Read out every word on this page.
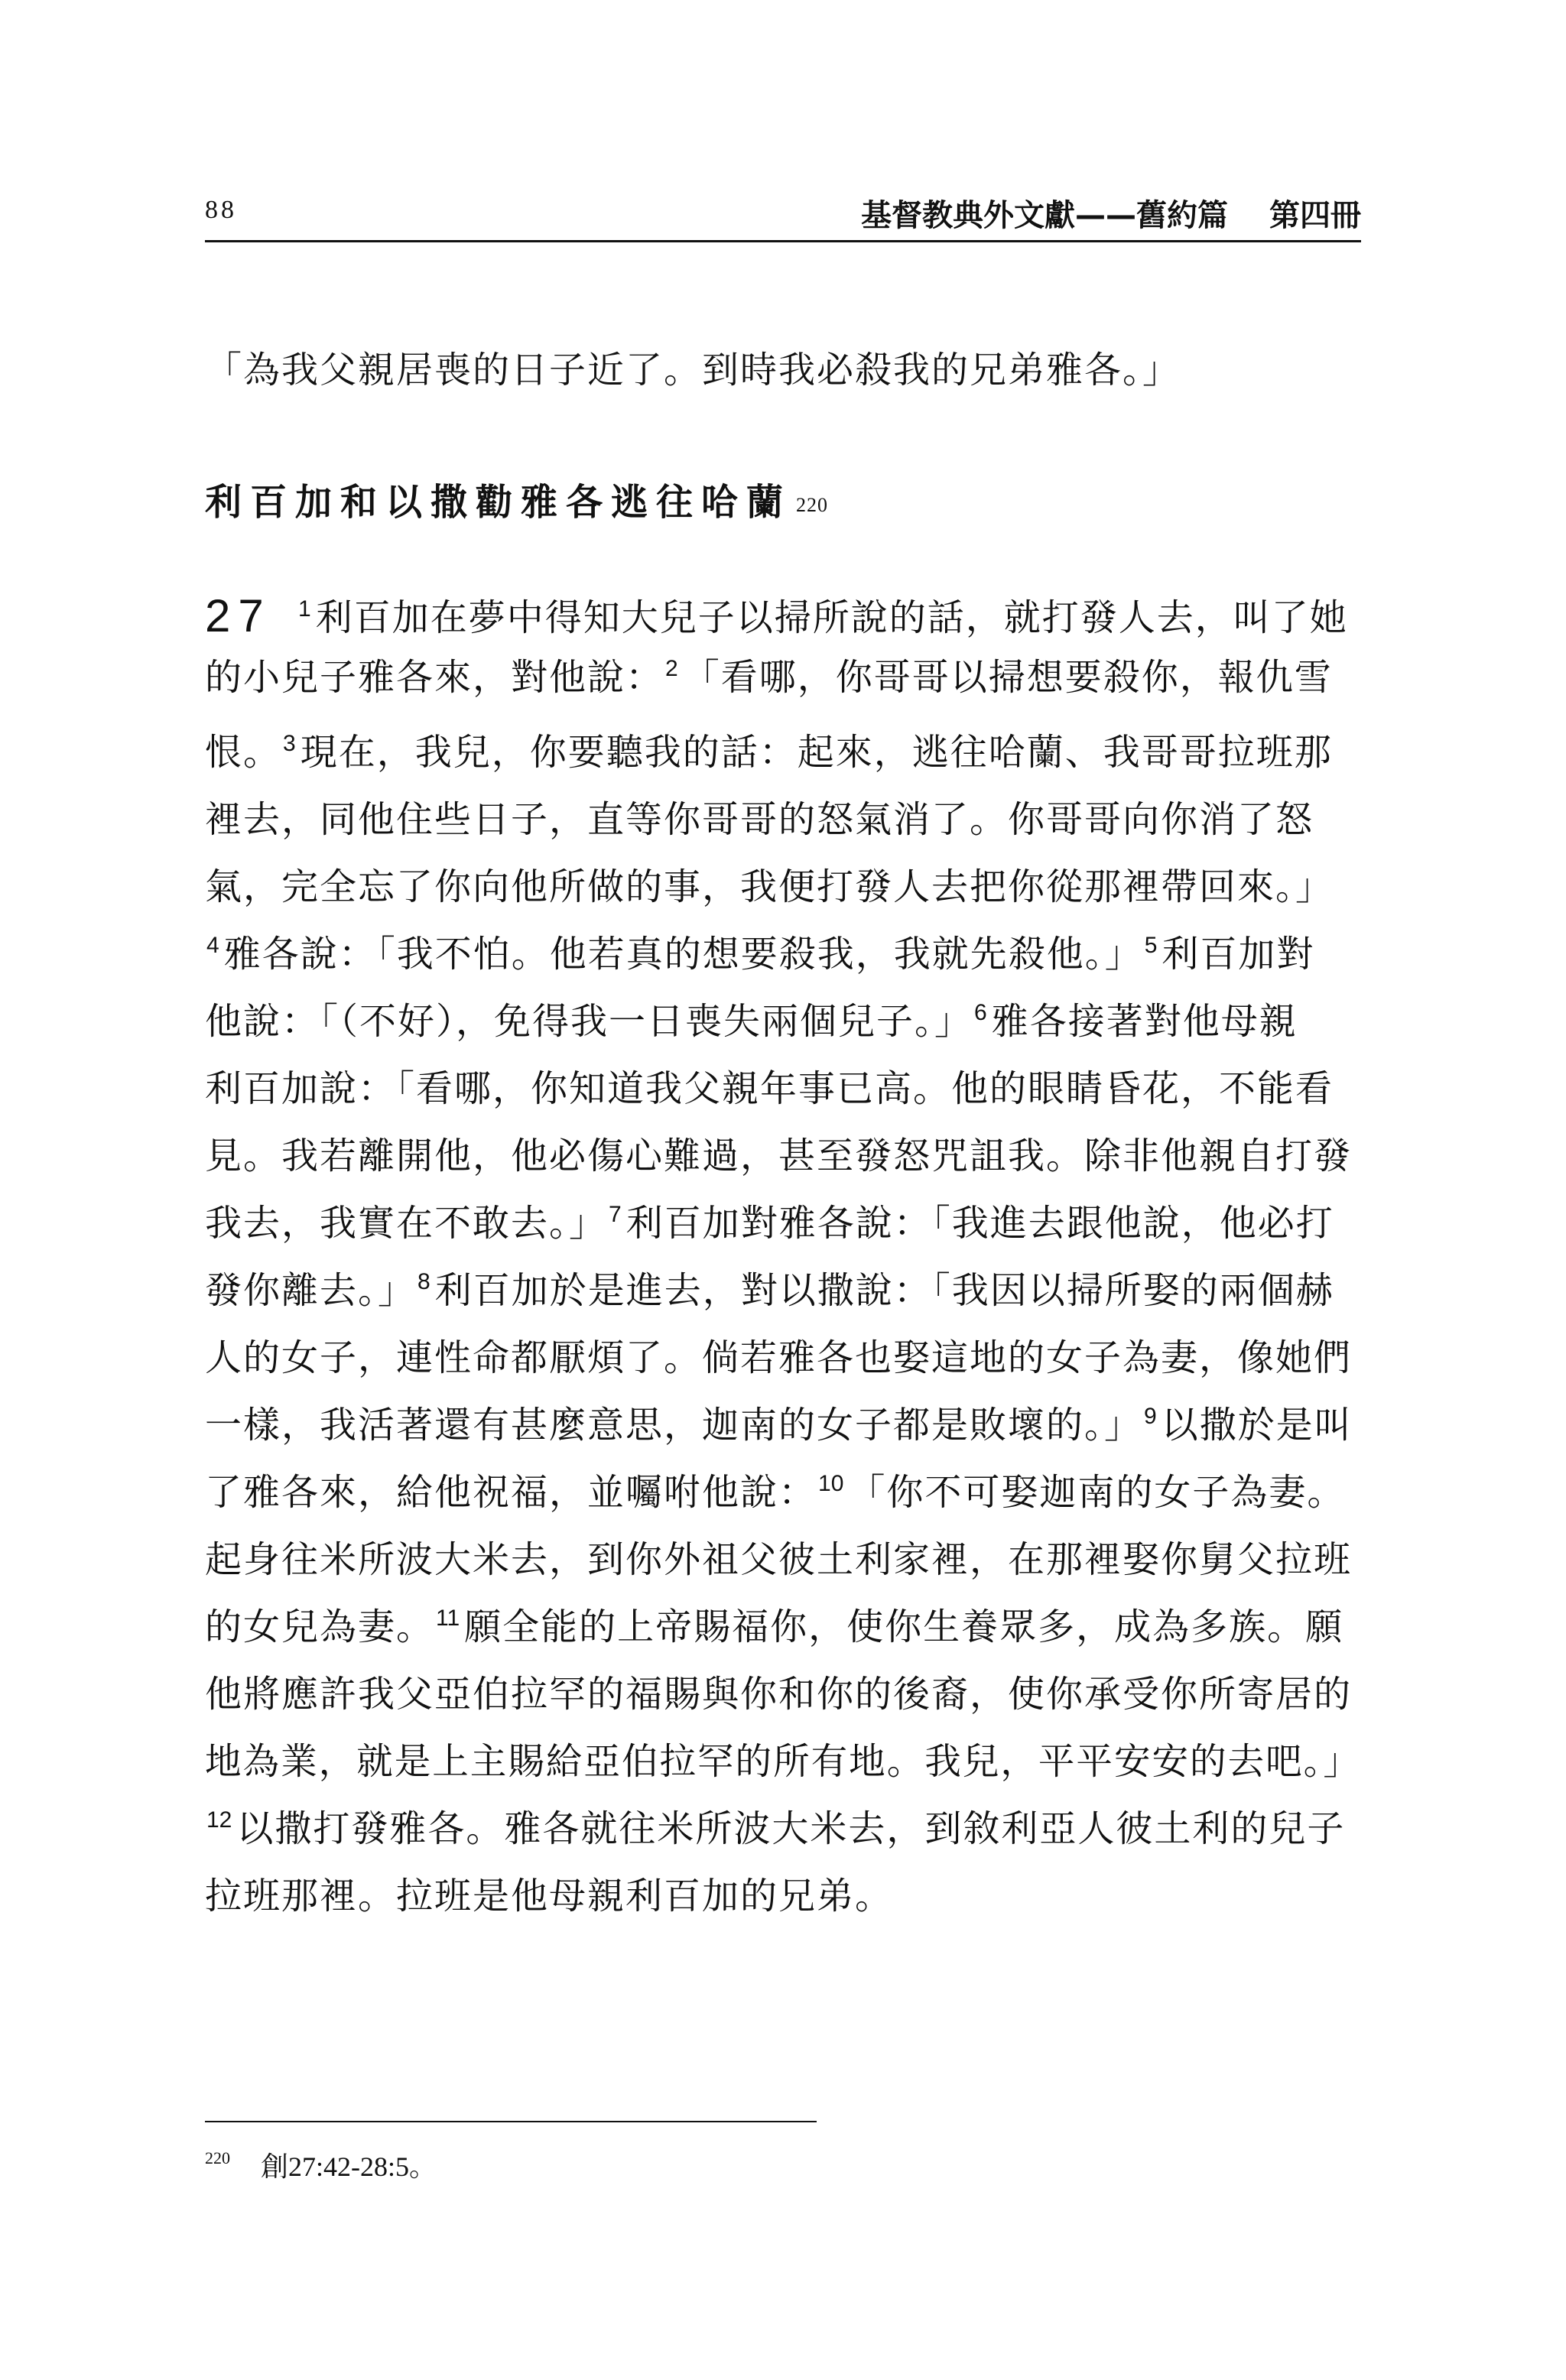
88	基督教典外文獻——舊約篇 第四冊
「為我父親居喪的日子近了。到時我必殺我的兄弟雅各。」
利百加和以撒勸雅各逃往哈蘭 220
27 $^1$ 利百加在夢中得知大兒子以掃所說的話，就打發人去，叫了她
的小兒子雅各來，對他說：$^2$ 「看哪，你哥哥以掃想要殺你，報仇雪
恨。$^3$ 現在，我兒，你要聽我的話：起來，逃往哈蘭、我哥哥拉班那
裡去，同他住些日子，直等你哥哥的怒氣消了。你哥哥向你消了怒
氣，完全忘了你向他所做的事，我便打發人去把你從那裡帶回來。」
$^4$ 雅各說：「我不怕。他若真的想要殺我，我就先殺他。」$^5$ 利百加對
他說：「（不好），免得我一日喪失兩個兒子。」$^6$ 雅各接著對他母親
利百加說：「看哪，你知道我父親年事已高。他的眼睛昏花，不能看
見。我若離開他，他必傷心難過，甚至發怒咒詛我。除非他親自打發
我去，我實在不敢去。」$^7$ 利百加對雅各說：「我進去跟他說，他必打
發你離去。」$^8$ 利百加於是進去，對以撒說：「我因以掃所娶的兩個赫
人的女子，連性命都厭煩了。倘若雅各也娶這地的女子為妻，像她們
一樣，我活著還有甚麼意思，迦南的女子都是敗壞的。」$^9$ 以撒於是叫
了雅各來，給他祝福，並囑咐他說：$^{10}$ 「你不可娶迦南的女子為妻。
起身往米所波大米去，到你外祖父彼土利家裡，在那裡娶你舅父拉班
的女兒為妻。$^{11}$ 願全能的上帝賜福你，使你生養眾多，成為多族。願
他將應許我父亞伯拉罕的福賜與你和你的後裔，使你承受你所寄居的
地為業，就是上主賜給亞伯拉罕的所有地。我兒，平平安安的去吧。」
$^{12}$ 以撒打發雅各。雅各就往米所波大米去，到敘利亞人彼土利的兒子
拉班那裡。拉班是他母親利百加的兄弟。
$^{220}$ 創27:42-28:5。
